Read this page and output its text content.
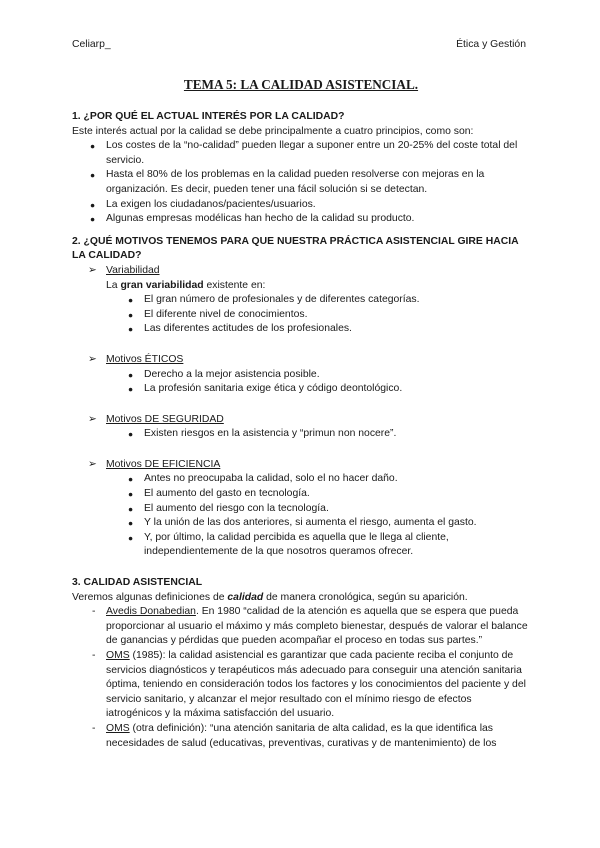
Celiarp_	Ética y Gestión
TEMA 5: LA CALIDAD ASISTENCIAL.

1. ¿POR QUÉ EL ACTUAL INTERÉS POR LA CALIDAD?

Este interés actual por la calidad se debe principalmente a cuatro principios, como son:

● Los costes de la “no-calidad” pueden llegar a suponer entre un 20-25% del coste total del servicio.
● Hasta el 80% de los problemas en la calidad pueden resolverse con mejoras en la organización. Es decir, pueden tener una fácil solución si se detectan.
● La exigen los ciudadanos/pacientes/usuarios.
● Algunas empresas modélicas han hecho de la calidad su producto.

2. ¿QUÉ MOTIVOS TENEMOS PARA QUE NUESTRA PRÁCTICA ASISTENCIAL GIRE HACIA LA CALIDAD?

➢ Variabilidad

La gran variabilidad existente en:

● El gran número de profesionales y de diferentes categorías.
● El diferente nivel de conocimientos.
● Las diferentes actitudes de los profesionales.
➢ Motivos ÉTICOS
● Derecho a la mejor asistencia posible.
● La profesión sanitaria exige ética y código deontológico.
➢ Motivos DE SEGURIDAD
● Existen riesgos en la asistencia y “primun non nocere”.
➢ Motivos DE EFICIENCIA
● Antes no preocupaba la calidad, solo el no hacer daño.
● El aumento del gasto en tecnología.
● El aumento del riesgo con la tecnología.
● Y la unión de las dos anteriores, si aumenta el riesgo, aumenta el gasto.
● Y, por último, la calidad percibida es aquella que le llega al cliente, independientemente de la que nosotros queramos ofrecer.

3. CALIDAD ASISTENCIAL

Veremos algunas definiciones de calidad de manera cronológica, según su aparición.

- Avedis Donabedian. En 1980 “calidad de la atención es aquella que se espera que pueda proporcionar al usuario el máximo y más completo bienestar, después de valorar el balance de ganancias y pérdidas que pueden acompañar el proceso en todas sus partes.”
- OMS (1985): la calidad asistencial es garantizar que cada paciente reciba el conjunto de servicios diagnósticos y terapéuticos más adecuado para conseguir una atención sanitaria óptima, teniendo en consideración todos los factores y los conocimientos del paciente y del servicio sanitario, y alcanzar el mejor resultado con el mínimo riesgo de efectos iatrogénicos y la máxima satisfacción del usuario.
- OMS (otra definición): “una atención sanitaria de alta calidad, es la que identifica las necesidades de salud (educativas, preventivas, curativas y de mantenimiento) de los
